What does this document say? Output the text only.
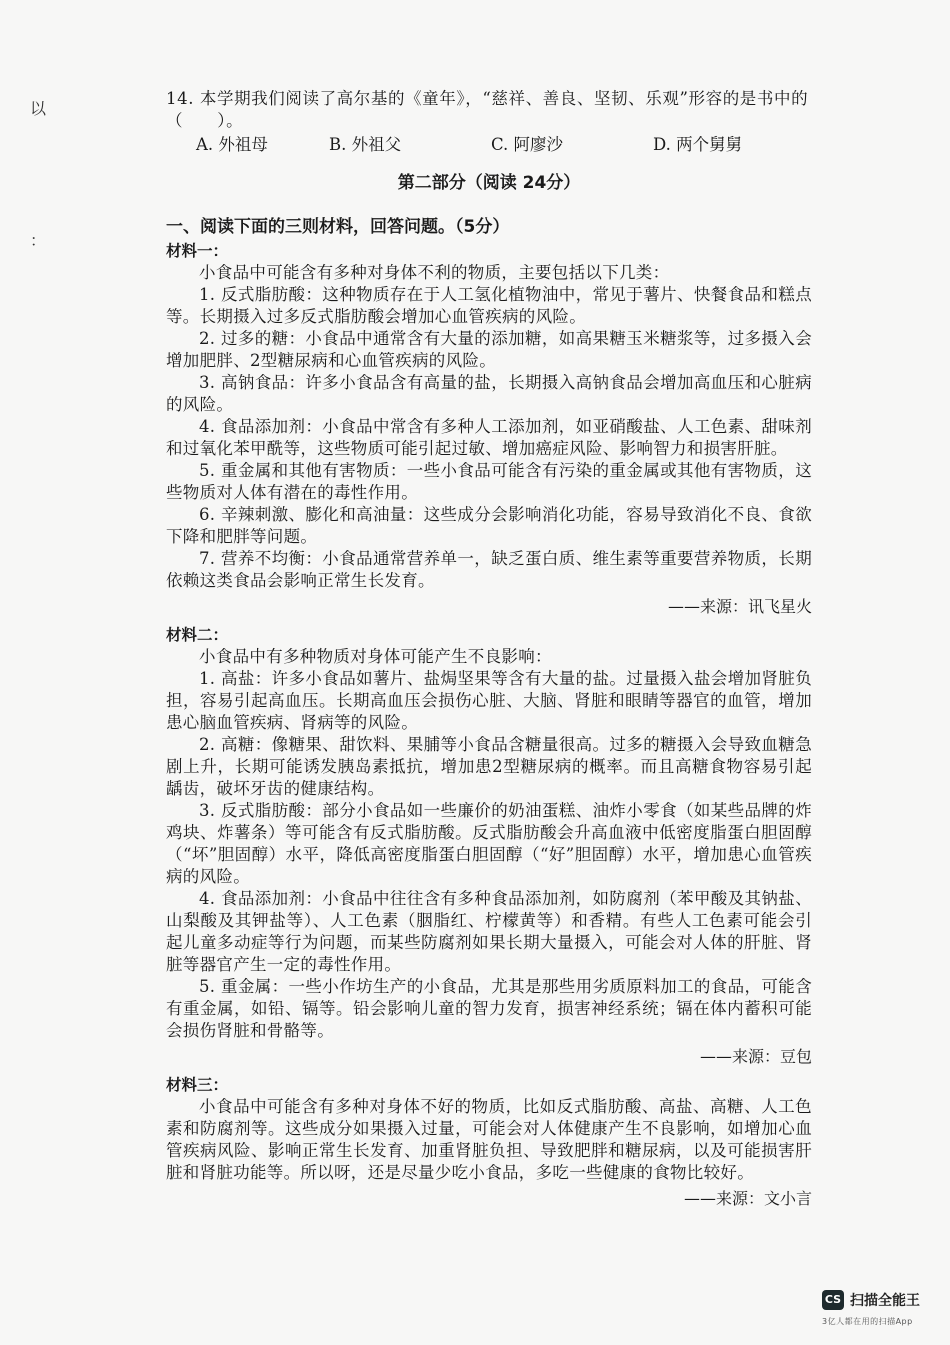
以
：

14. 本学期我们阅读了高尔基的《童年》，“慈祥、善良、坚韧、乐观”形容的是书中的（　　）。

A. 外祖母	B. 外祖父	C. 阿廖沙	D. 两个舅舅
第二部分（阅读 24分）
一、阅读下面的三则材料，回答问题。（5分）
材料一：

小食品中可能含有多种对身体不利的物质，主要包括以下几类：

1. 反式脂肪酸：这种物质存在于人工氢化植物油中，常见于薯片、快餐食品和糕点等。长期摄入过多反式脂肪酸会增加心血管疾病的风险。

2. 过多的糖：小食品中通常含有大量的添加糖，如高果糖玉米糖浆等，过多摄入会增加肥胖、2型糖尿病和心血管疾病的风险。

3. 高钠食品：许多小食品含有高量的盐，长期摄入高钠食品会增加高血压和心脏病的风险。

4. 食品添加剂：小食品中常含有多种人工添加剂，如亚硝酸盐、人工色素、甜味剂和过氧化苯甲酰等，这些物质可能引起过敏、增加癌症风险、影响智力和损害肝脏。

5. 重金属和其他有害物质：一些小食品可能含有污染的重金属或其他有害物质，这些物质对人体有潜在的毒性作用。

6. 辛辣刺激、膨化和高油量：这些成分会影响消化功能，容易导致消化不良、食欲下降和肥胖等问题。

7. 营养不均衡：小食品通常营养单一，缺乏蛋白质、维生素等重要营养物质，长期依赖这类食品会影响正常生长发育。

——来源：讯飞星火
材料二：

小食品中有多种物质对身体可能产生不良影响：

1. 高盐：许多小食品如薯片、盐焗坚果等含有大量的盐。过量摄入盐会增加肾脏负担，容易引起高血压。长期高血压会损伤心脏、大脑、肾脏和眼睛等器官的血管，增加患心脑血管疾病、肾病等的风险。

2. 高糖：像糖果、甜饮料、果脯等小食品含糖量很高。过多的糖摄入会导致血糖急剧上升，长期可能诱发胰岛素抵抗，增加患2型糖尿病的概率。而且高糖食物容易引起龋齿，破坏牙齿的健康结构。

3. 反式脂肪酸：部分小食品如一些廉价的奶油蛋糕、油炸小零食（如某些品牌的炸鸡块、炸薯条）等可能含有反式脂肪酸。反式脂肪酸会升高血液中低密度脂蛋白胆固醇（“坏”胆固醇）水平，降低高密度脂蛋白胆固醇（“好”胆固醇）水平，增加患心血管疾病的风险。

4. 食品添加剂：小食品中往往含有多种食品添加剂，如防腐剂（苯甲酸及其钠盐、山梨酸及其钾盐等）、人工色素（胭脂红、柠檬黄等）和香精。有些人工色素可能会引起儿童多动症等行为问题，而某些防腐剂如果长期大量摄入，可能会对人体的肝脏、肾脏等器官产生一定的毒性作用。

5. 重金属：一些小作坊生产的小食品，尤其是那些用劣质原料加工的食品，可能含有重金属，如铅、镉等。铅会影响儿童的智力发育，损害神经系统；镉在体内蓄积可能会损伤肾脏和骨骼等。

——来源：豆包
材料三：

小食品中可能含有多种对身体不好的物质，比如反式脂肪酸、高盐、高糖、人工色素和防腐剂等。这些成分如果摄入过量，可能会对人体健康产生不良影响，如增加心血管疾病风险、影响正常生长发育、加重肾脏负担、导致肥胖和糖尿病，以及可能损害肝脏和肾脏功能等。所以呀，还是尽量少吃小食品，多吃一些健康的食物比较好。

——来源：文小言
CS 扫描全能王
3亿人都在用的扫描App
